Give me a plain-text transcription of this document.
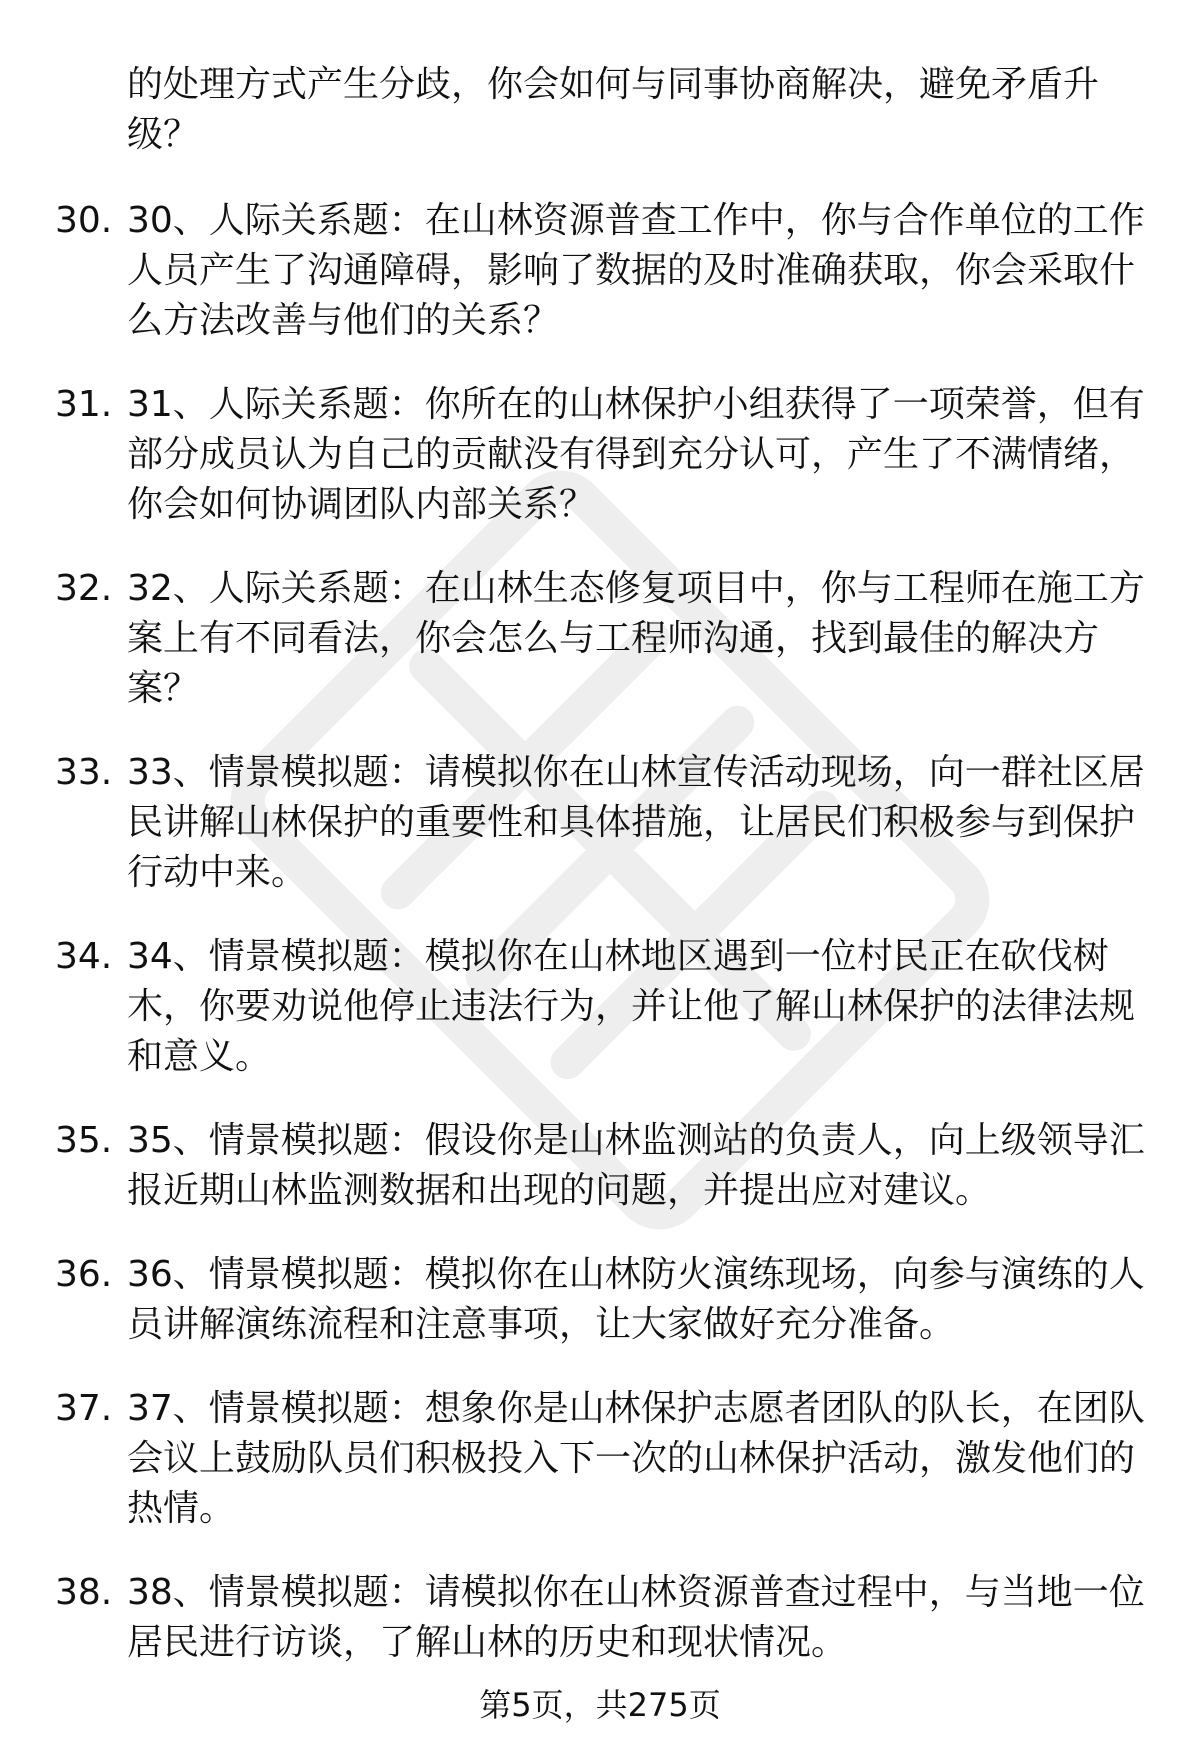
的处理方式产生分歧，你会如何与同事协商解决，避免矛盾升级？
30. 30、人际关系题：在山林资源普查工作中，你与合作单位的工作人员产生了沟通障碍，影响了数据的及时准确获取，你会采取什么方法改善与他们的关系？
31. 31、人际关系题：你所在的山林保护小组获得了一项荣誉，但有部分成员认为自己的贡献没有得到充分认可，产生了不满情绪，你会如何协调团队内部关系？
32. 32、人际关系题：在山林生态修复项目中，你与工程师在施工方案上有不同看法，你会怎么与工程师沟通，找到最佳的解决方案？
33. 33、情景模拟题：请模拟你在山林宣传活动现场，向一群社区居民讲解山林保护的重要性和具体措施，让居民们积极参与到保护行动中来。
34. 34、情景模拟题：模拟你在山林地区遇到一位村民正在砍伐树木，你要劝说他停止违法行为，并让他了解山林保护的法律法规和意义。
35. 35、情景模拟题：假设你是山林监测站的负责人，向上级领导汇报近期山林监测数据和出现的问题，并提出应对建议。
36. 36、情景模拟题：模拟你在山林防火演练现场，向参与演练的人员讲解演练流程和注意事项，让大家做好充分准备。
37. 37、情景模拟题：想象你是山林保护志愿者团队的队长，在团队会议上鼓励队员们积极投入下一次的山林保护活动，激发他们的热情。
38. 38、情景模拟题：请模拟你在山林资源普查过程中，与当地一位居民进行访谈，了解山林的历史和现状情况。
第5页，共275页
